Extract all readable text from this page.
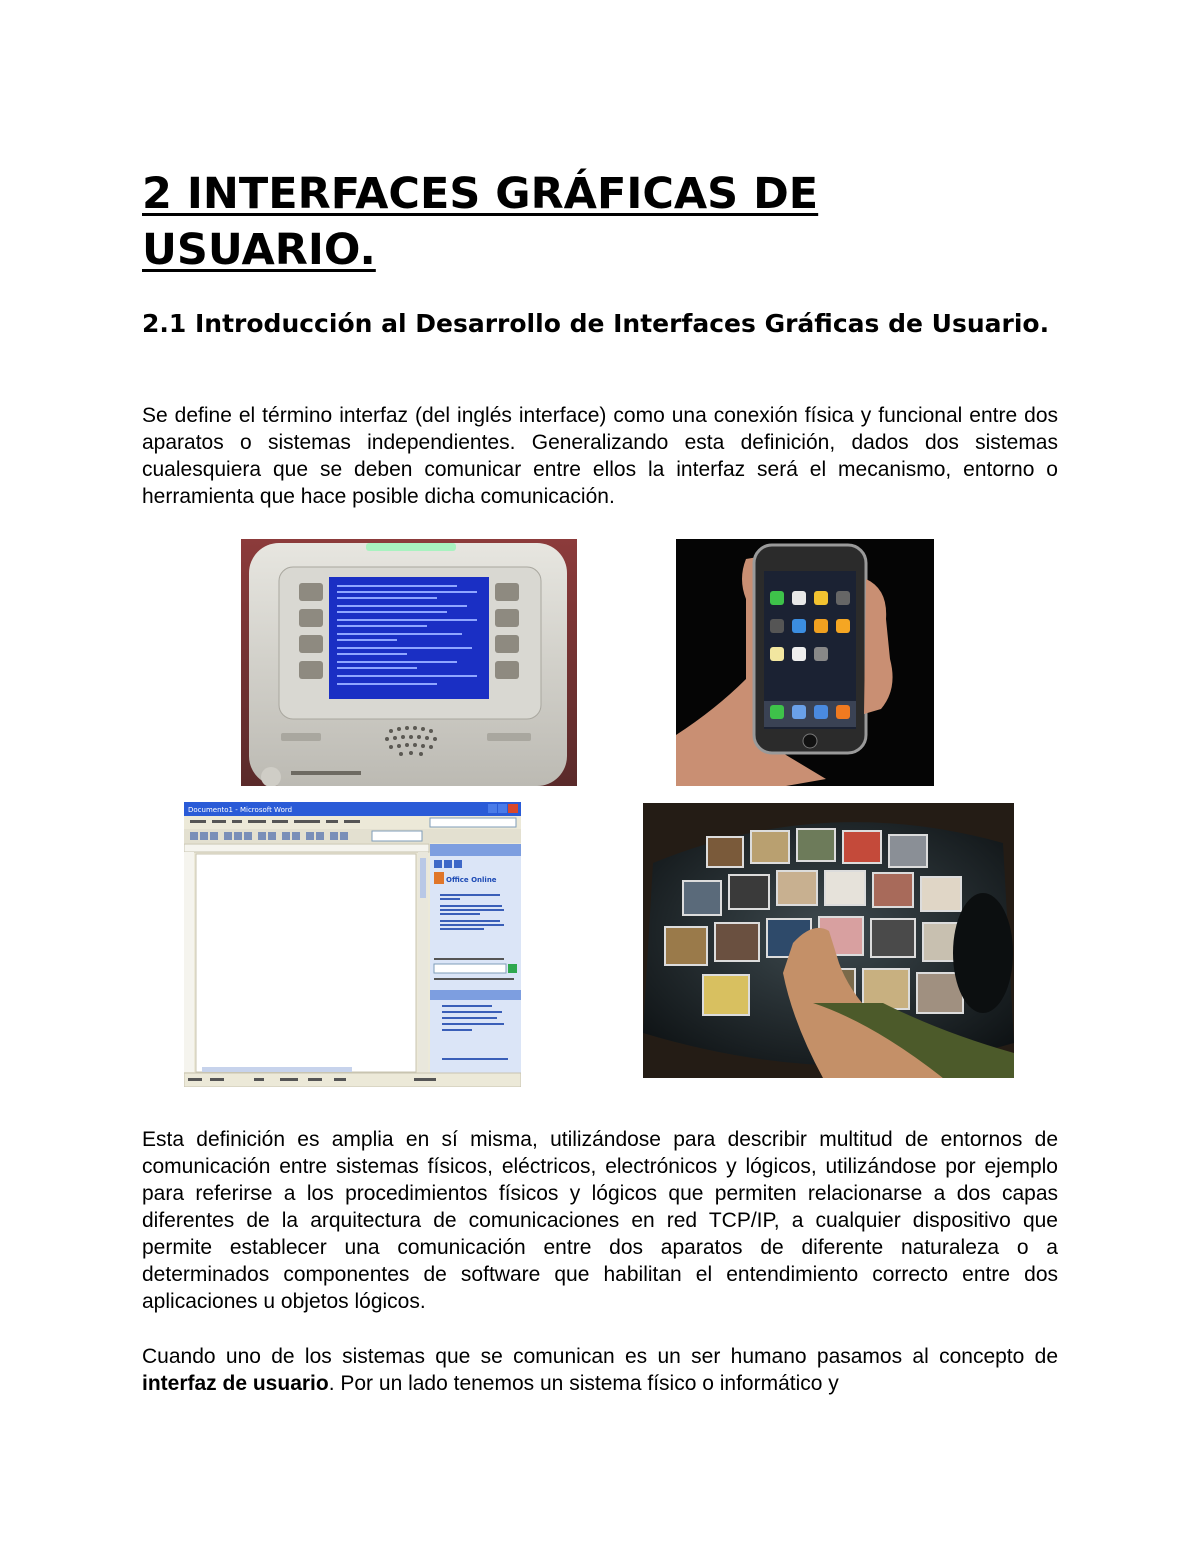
2 INTERFACES GRÁFICAS DE
USUARIO.
2.1 Introducción al Desarrollo de Interfaces Gráficas de Usuario.

Se define el término interfaz (del inglés interface) como una conexión física y funcional entre dos aparatos o sistemas independientes. Generalizando esta definición, dados dos sistemas cualesquiera que se deben comunicar entre ellos la interfaz será el mecanismo, entorno o herramienta que hace posible dicha comunicación.

Documento1 - Microsoft Word
Office Online

Esta definición es amplia en sí misma, utilizándose para describir multitud de entornos de comunicación entre sistemas físicos, eléctricos, electrónicos y lógicos, utilizándose por ejemplo para referirse a los procedimientos físicos y lógicos que permiten relacionarse a dos capas diferentes de la arquitectura de comunicaciones en red TCP/IP, a cualquier dispositivo que permite establecer una comunicación entre dos aparatos de diferente naturaleza o a determinados componentes de software que habilitan el entendimiento correcto entre dos aplicaciones u objetos lógicos.

Cuando uno de los sistemas que se comunican es un ser humano pasamos al concepto de interfaz de usuario. Por un lado tenemos un sistema físico o informático y
